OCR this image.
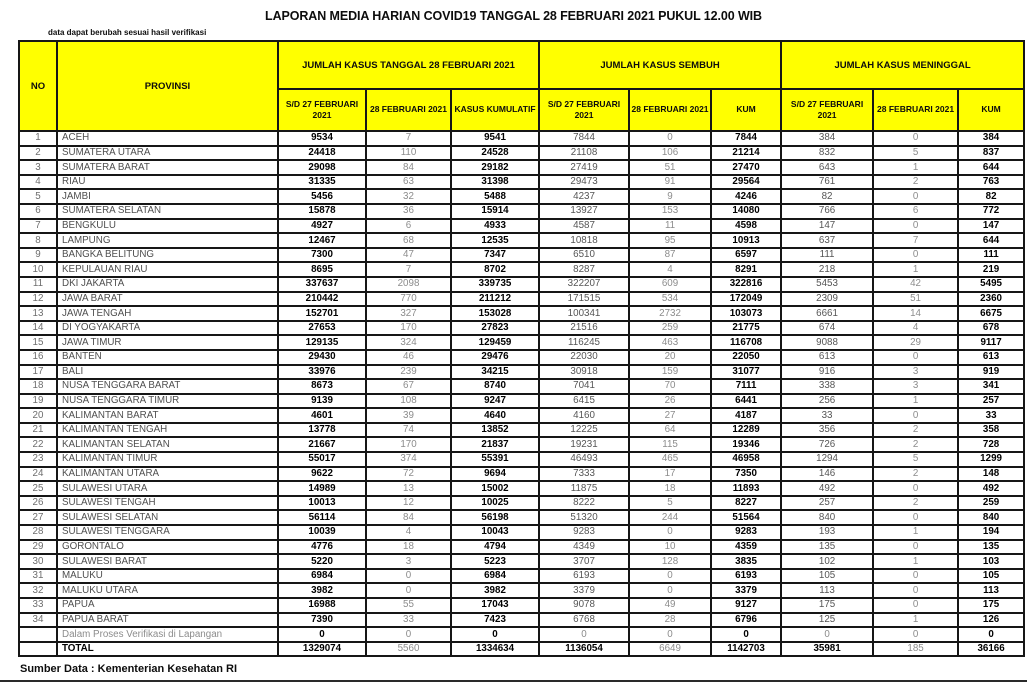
LAPORAN MEDIA HARIAN COVID19 TANGGAL 28 FEBRUARI 2021 PUKUL 12.00 WIB
data dapat berubah sesuai hasil verifikasi
NO	PROVINSI	JUMLAH KASUS TANGGAL 28 FEBRUARI 2021			JUMLAH KASUS SEMBUH			JUMLAH KASUS MENINGGAL		
		S/D 27 FEBRUARI 2021	28 FEBRUARI 2021	KASUS KUMULATIF	S/D 27 FEBRUARI 2021	28 FEBRUARI 2021	KUM	S/D 27 FEBRUARI 2021	28 FEBRUARI 2021	KUM
1	ACEH	9534	7	9541	7844	0	7844	384	0	384
2	SUMATERA UTARA	24418	110	24528	21108	106	21214	832	5	837
3	SUMATERA BARAT	29098	84	29182	27419	51	27470	643	1	644
4	RIAU	31335	63	31398	29473	91	29564	761	2	763
5	JAMBI	5456	32	5488	4237	9	4246	82	0	82
6	SUMATERA SELATAN	15878	36	15914	13927	153	14080	766	6	772
7	BENGKULU	4927	6	4933	4587	11	4598	147	0	147
8	LAMPUNG	12467	68	12535	10818	95	10913	637	7	644
9	BANGKA BELITUNG	7300	47	7347	6510	87	6597	111	0	111
10	KEPULAUAN RIAU	8695	7	8702	8287	4	8291	218	1	219
11	DKI JAKARTA	337637	2098	339735	322207	609	322816	5453	42	5495
12	JAWA BARAT	210442	770	211212	171515	534	172049	2309	51	2360
13	JAWA TENGAH	152701	327	153028	100341	2732	103073	6661	14	6675
14	DI YOGYAKARTA	27653	170	27823	21516	259	21775	674	4	678
15	JAWA TIMUR	129135	324	129459	116245	463	116708	9088	29	9117
16	BANTEN	29430	46	29476	22030	20	22050	613	0	613
17	BALI	33976	239	34215	30918	159	31077	916	3	919
18	NUSA TENGGARA BARAT	8673	67	8740	7041	70	7111	338	3	341
19	NUSA TENGGARA TIMUR	9139	108	9247	6415	26	6441	256	1	257
20	KALIMANTAN BARAT	4601	39	4640	4160	27	4187	33	0	33
21	KALIMANTAN TENGAH	13778	74	13852	12225	64	12289	356	2	358
22	KALIMANTAN SELATAN	21667	170	21837	19231	115	19346	726	2	728
23	KALIMANTAN TIMUR	55017	374	55391	46493	465	46958	1294	5	1299
24	KALIMANTAN UTARA	9622	72	9694	7333	17	7350	146	2	148
25	SULAWESI UTARA	14989	13	15002	11875	18	11893	492	0	492
26	SULAWESI TENGAH	10013	12	10025	8222	5	8227	257	2	259
27	SULAWESI SELATAN	56114	84	56198	51320	244	51564	840	0	840
28	SULAWESI TENGGARA	10039	4	10043	9283	0	9283	193	1	194
29	GORONTALO	4776	18	4794	4349	10	4359	135	0	135
30	SULAWESI BARAT	5220	3	5223	3707	128	3835	102	1	103
31	MALUKU	6984	0	6984	6193	0	6193	105	0	105
32	MALUKU UTARA	3982	0	3982	3379	0	3379	113	0	113
33	PAPUA	16988	55	17043	9078	49	9127	175	0	175
34	PAPUA BARAT	7390	33	7423	6768	28	6796	125	1	126
	Dalam Proses Verifikasi di Lapangan	0	0	0	0	0	0	0	0	0
	TOTAL	1329074	5560	1334634	1136054	6649	1142703	35981	185	36166
Sumber Data : Kementerian Kesehatan RI
